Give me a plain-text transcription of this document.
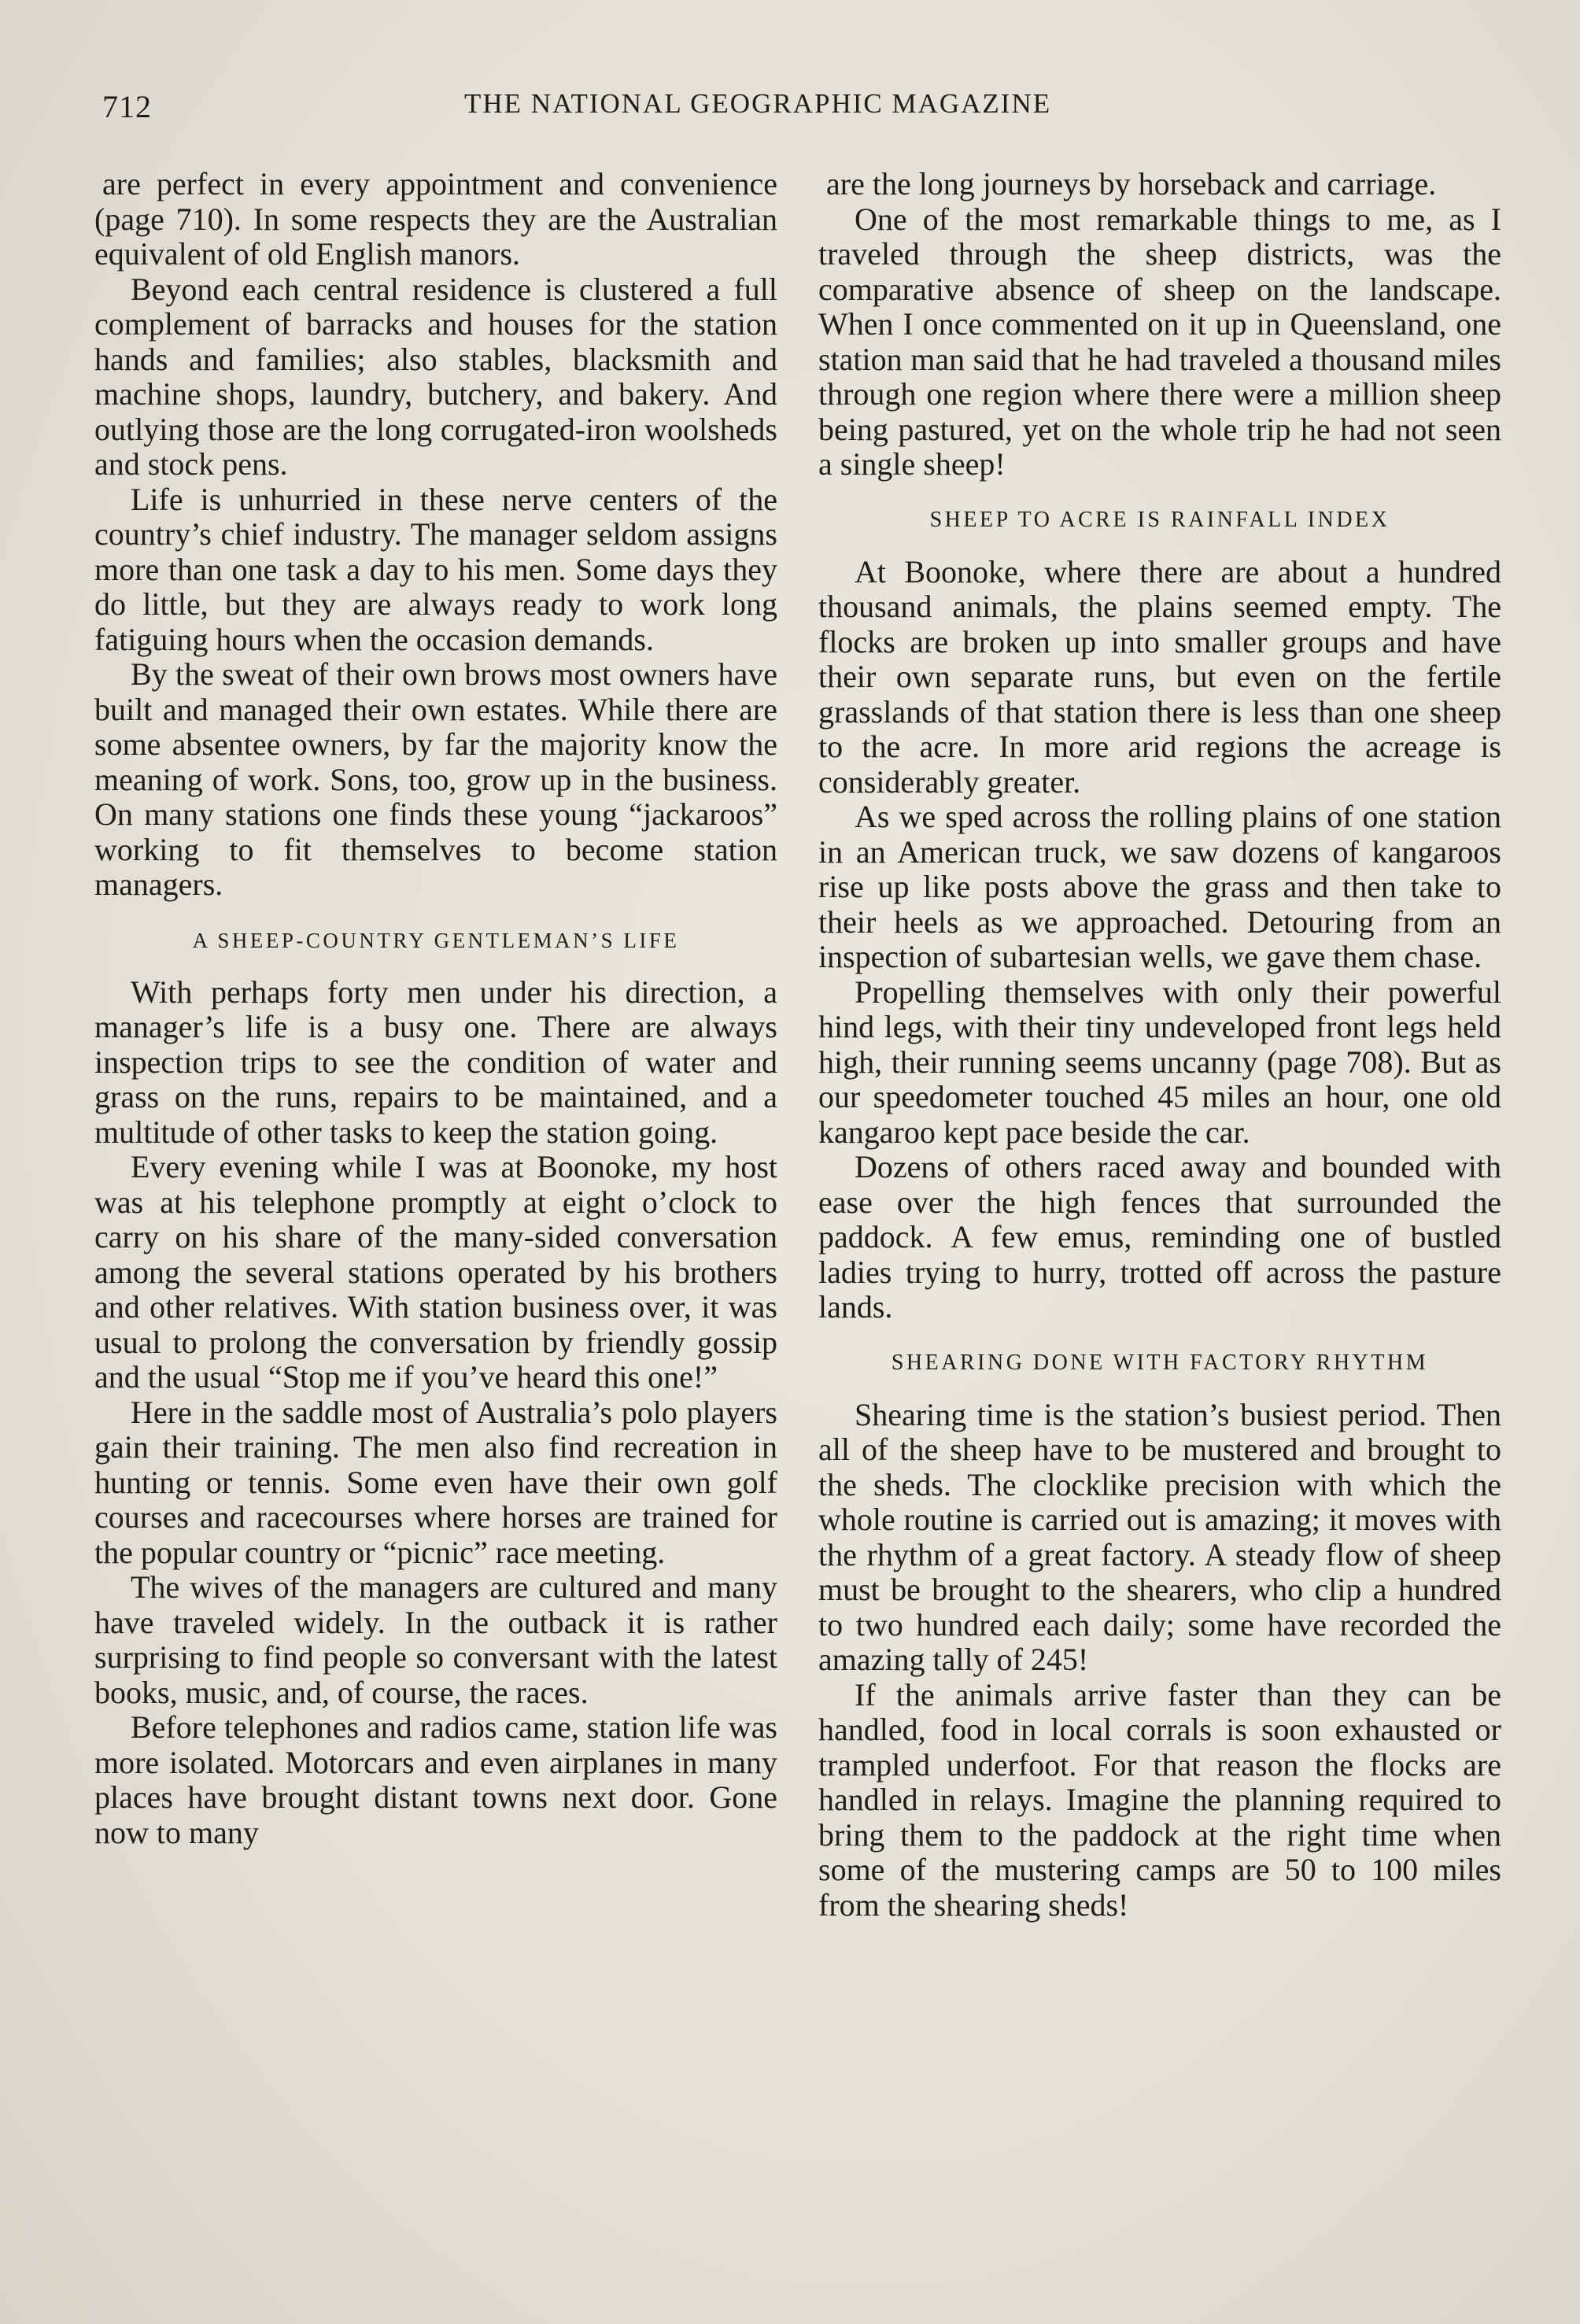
712	THE NATIONAL GEOGRAPHIC MAGAZINE

are perfect in every appointment and convenience (page 710). In some respects they are the Australian equivalent of old English manors.

Beyond each central residence is clustered a full complement of barracks and houses for the station hands and families; also stables, blacksmith and machine shops, laundry, butchery, and bakery. And outlying those are the long corrugated-iron woolsheds and stock pens.

Life is unhurried in these nerve centers of the country’s chief industry. The manager seldom assigns more than one task a day to his men. Some days they do little, but they are always ready to work long fatiguing hours when the occasion demands.

By the sweat of their own brows most owners have built and managed their own estates. While there are some absentee owners, by far the majority know the meaning of work. Sons, too, grow up in the business. On many stations one finds these young “jackaroos” working to fit themselves to become station managers.

A SHEEP-COUNTRY GENTLEMAN’S LIFE

With perhaps forty men under his direction, a manager’s life is a busy one. There are always inspection trips to see the condition of water and grass on the runs, repairs to be maintained, and a multitude of other tasks to keep the station going.

Every evening while I was at Boonoke, my host was at his telephone promptly at eight o’clock to carry on his share of the many-sided conversation among the several stations operated by his brothers and other relatives. With station business over, it was usual to prolong the conversation by friendly gossip and the usual “Stop me if you’ve heard this one!”

Here in the saddle most of Australia’s polo players gain their training. The men also find recreation in hunting or tennis. Some even have their own golf courses and racecourses where horses are trained for the popular country or “picnic” race meeting.

The wives of the managers are cultured and many have traveled widely. In the outback it is rather surprising to find people so conversant with the latest books, music, and, of course, the races.

Before telephones and radios came, station life was more isolated. Motorcars and even airplanes in many places have brought distant towns next door. Gone now to many

are the long journeys by horseback and carriage.

One of the most remarkable things to me, as I traveled through the sheep districts, was the comparative absence of sheep on the landscape. When I once commented on it up in Queensland, one station man said that he had traveled a thousand miles through one region where there were a million sheep being pastured, yet on the whole trip he had not seen a single sheep!

SHEEP TO ACRE IS RAINFALL INDEX

At Boonoke, where there are about a hundred thousand animals, the plains seemed empty. The flocks are broken up into smaller groups and have their own separate runs, but even on the fertile grasslands of that station there is less than one sheep to the acre. In more arid regions the acreage is considerably greater.

As we sped across the rolling plains of one station in an American truck, we saw dozens of kangaroos rise up like posts above the grass and then take to their heels as we approached. Detouring from an inspection of subartesian wells, we gave them chase.

Propelling themselves with only their powerful hind legs, with their tiny undeveloped front legs held high, their running seems uncanny (page 708). But as our speedometer touched 45 miles an hour, one old kangaroo kept pace beside the car.

Dozens of others raced away and bounded with ease over the high fences that surrounded the paddock. A few emus, reminding one of bustled ladies trying to hurry, trotted off across the pasture lands.

SHEARING DONE WITH FACTORY RHYTHM

Shearing time is the station’s busiest period. Then all of the sheep have to be mustered and brought to the sheds. The clocklike precision with which the whole routine is carried out is amazing; it moves with the rhythm of a great factory. A steady flow of sheep must be brought to the shearers, who clip a hundred to two hundred each daily; some have recorded the amazing tally of 245!

If the animals arrive faster than they can be handled, food in local corrals is soon exhausted or trampled underfoot. For that reason the flocks are handled in relays. Imagine the planning required to bring them to the paddock at the right time when some of the mustering camps are 50 to 100 miles from the shearing sheds!
